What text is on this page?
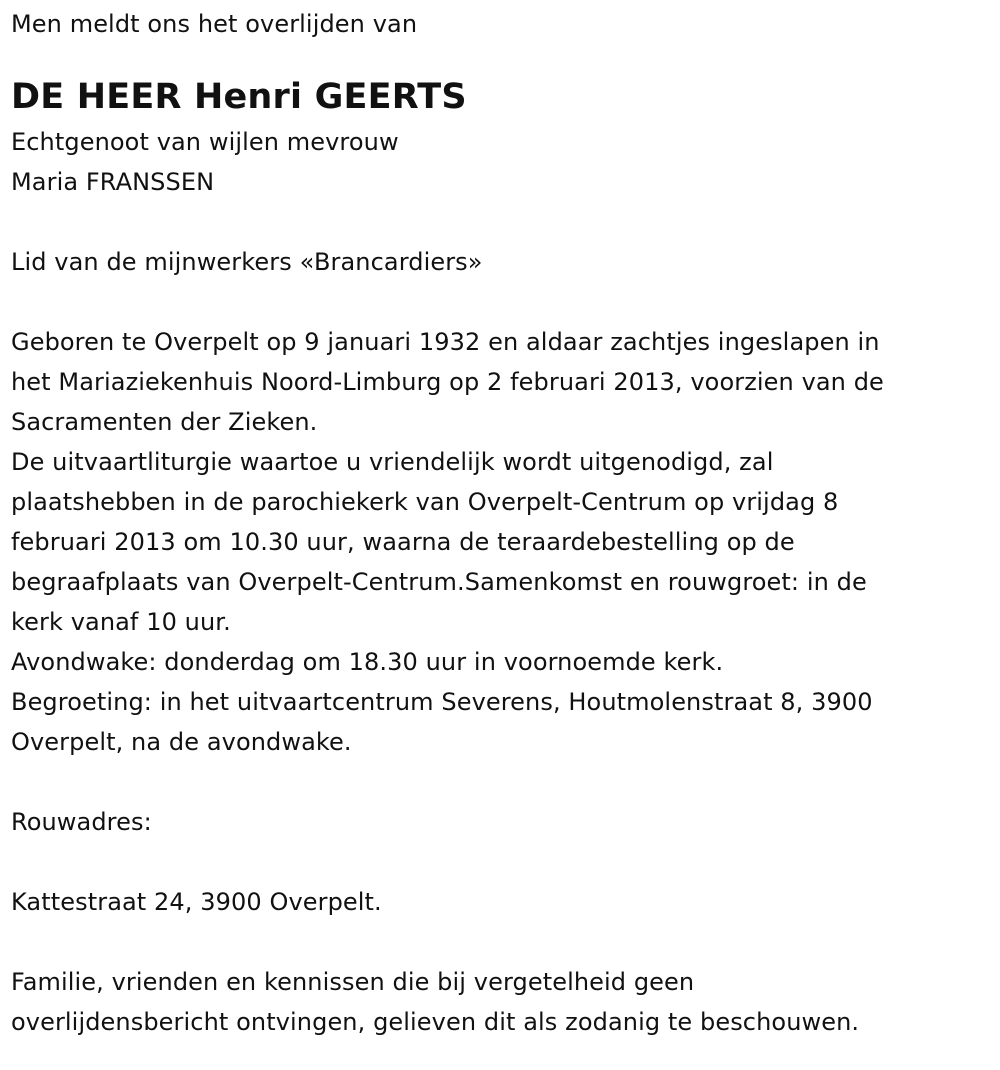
Men meldt ons het overlijden van
DE HEER Henri GEERTS
Echtgenoot van wijlen mevrouw
Maria FRANSSEN
Lid van de mijnwerkers «Brancardiers»
Geboren te Overpelt op 9 januari 1932 en aldaar zachtjes ingeslapen in
het Mariaziekenhuis Noord-Limburg op 2 februari 2013, voorzien van de
Sacramenten der Zieken.
De uitvaartliturgie waartoe u vriendelijk wordt uitgenodigd, zal
plaatshebben in de parochiekerk van Overpelt-Centrum op vrijdag 8
februari 2013 om 10.30 uur, waarna de teraardebestelling op de
begraafplaats van Overpelt-Centrum.Samenkomst en rouwgroet: in de
kerk vanaf 10 uur.
Avondwake: donderdag om 18.30 uur in voornoemde kerk.
Begroeting: in het uitvaartcentrum Severens, Houtmolenstraat 8, 3900
Overpelt, na de avondwake.
Rouwadres:
Kattestraat 24, 3900 Overpelt.
Familie, vrienden en kennissen die bij vergetelheid geen
overlijdensbericht ontvingen, gelieven dit als zodanig te beschouwen.
